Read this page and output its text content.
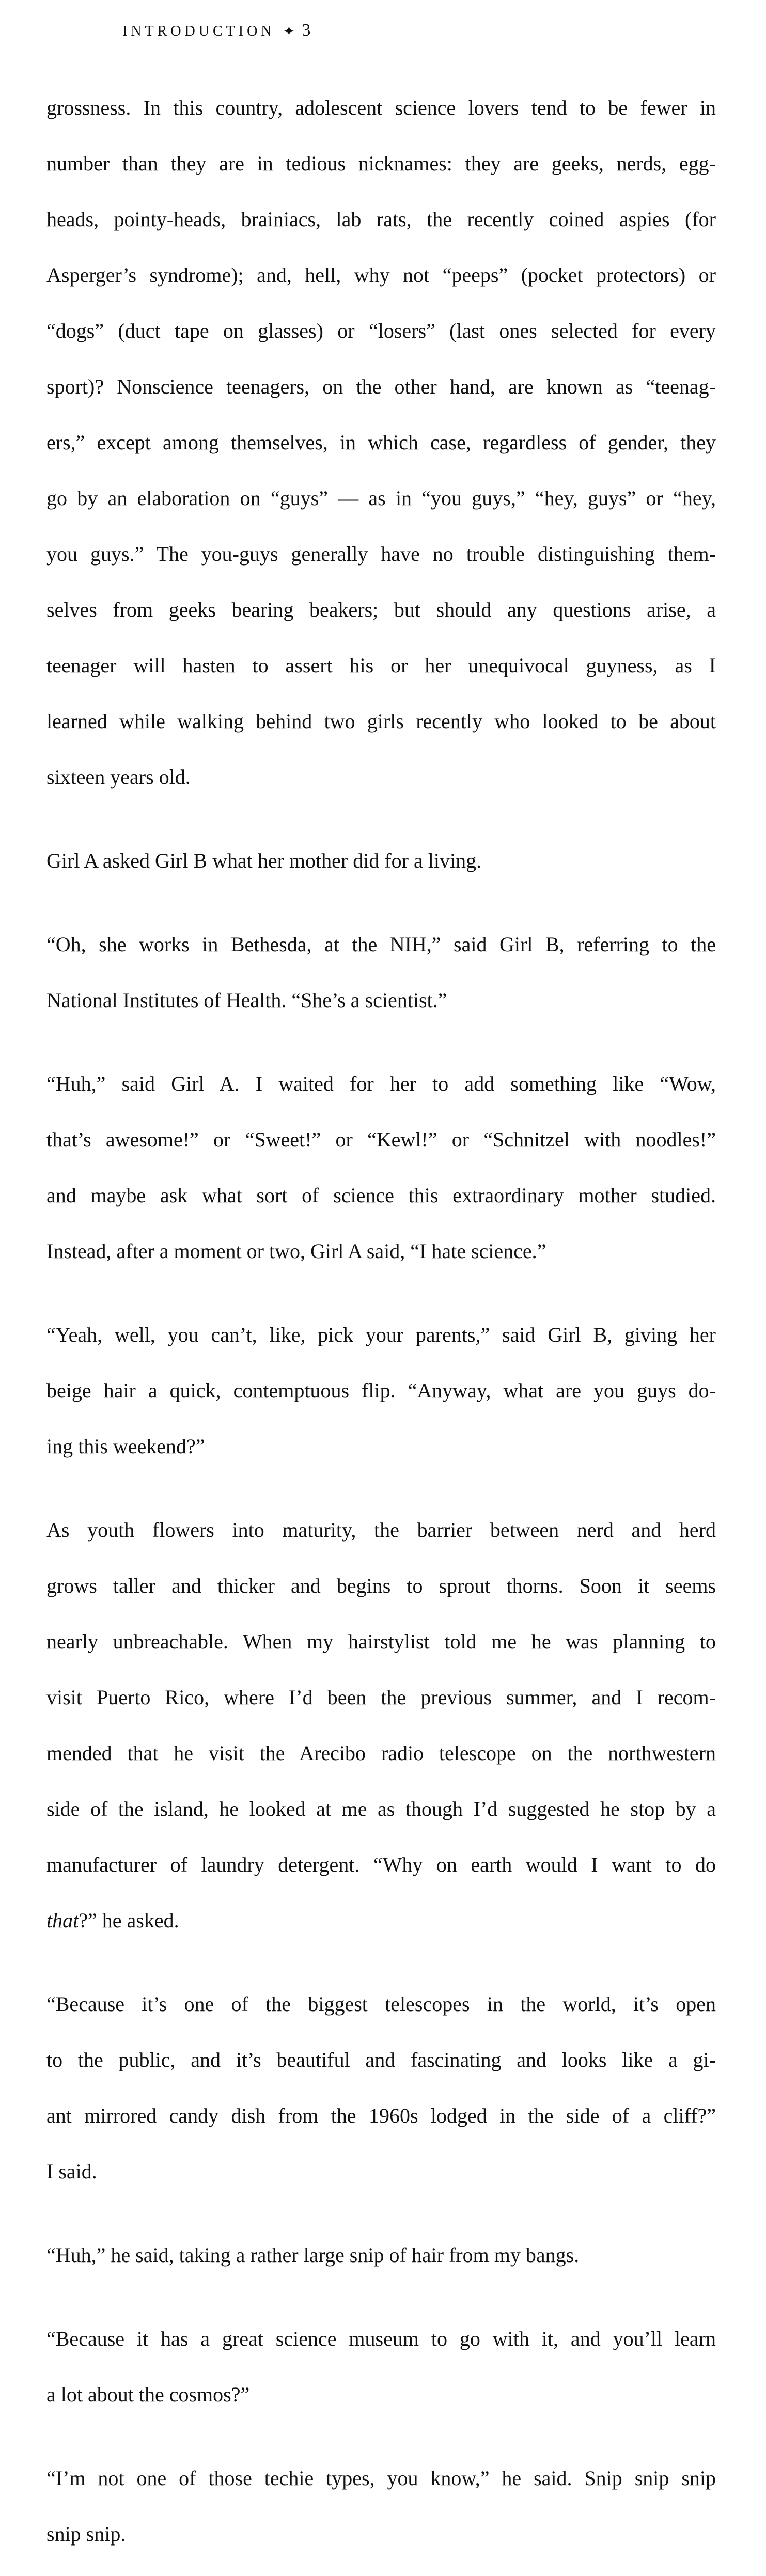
INTRODUCTION ✦ 3

grossness. In this country, adolescent science lovers tend to be fewer in

number than they are in tedious nicknames: they are geeks, nerds, egg-

heads, pointy-heads, brainiacs, lab rats, the recently coined aspies (for

Asperger’s syndrome); and, hell, why not “peeps” (pocket protectors) or

“dogs” (duct tape on glasses) or “losers” (last ones selected for every

sport)? Nonscience teenagers, on the other hand, are known as “teenag-

ers,” except among themselves, in which case, regardless of gender, they

go by an elaboration on “guys” — as in “you guys,” “hey, guys” or “hey,

you guys.” The you-guys generally have no trouble distinguishing them-

selves from geeks bearing beakers; but should any questions arise, a

teenager will hasten to assert his or her unequivocal guyness, as I

learned while walking behind two girls recently who looked to be about

sixteen years old.

Girl A asked Girl B what her mother did for a living.

“Oh, she works in Bethesda, at the NIH,” said Girl B, referring to the

National Institutes of Health. “She’s a scientist.”

“Huh,” said Girl A. I waited for her to add something like “Wow,

that’s awesome!” or “Sweet!” or “Kewl!” or “Schnitzel with noodles!”

and maybe ask what sort of science this extraordinary mother studied.

Instead, after a moment or two, Girl A said, “I hate science.”

“Yeah, well, you can’t, like, pick your parents,” said Girl B, giving her

beige hair a quick, contemptuous flip. “Anyway, what are you guys do-

ing this weekend?”

As youth flowers into maturity, the barrier between nerd and herd

grows taller and thicker and begins to sprout thorns. Soon it seems

nearly unbreachable. When my hairstylist told me he was planning to

visit Puerto Rico, where I’d been the previous summer, and I recom-

mended that he visit the Arecibo radio telescope on the northwestern

side of the island, he looked at me as though I’d suggested he stop by a

manufacturer of laundry detergent. “Why on earth would I want to do

that?” he asked.

“Because it’s one of the biggest telescopes in the world, it’s open

to the public, and it’s beautiful and fascinating and looks like a gi-

ant mirrored candy dish from the 1960s lodged in the side of a cliff?”

I said.

“Huh,” he said, taking a rather large snip of hair from my bangs.

“Because it has a great science museum to go with it, and you’ll learn

a lot about the cosmos?”

“I’m not one of those techie types, you know,” he said. Snip snip snip

snip snip.
